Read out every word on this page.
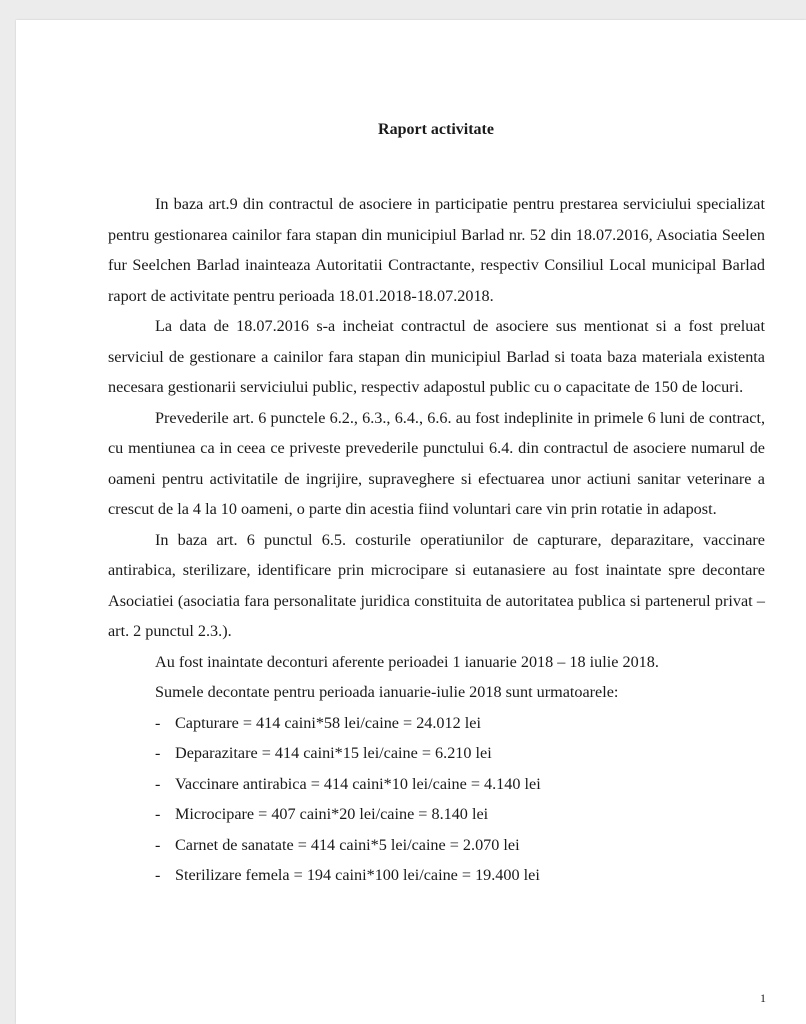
Raport activitate

In baza art.9 din contractul de asociere in participatie pentru prestarea serviciului specializat pentru gestionarea cainilor fara stapan din municipiul Barlad nr. 52 din 18.07.2016, Asociatia Seelen fur Seelchen Barlad inainteaza Autoritatii Contractante, respectiv Consiliul Local municipal Barlad raport de activitate pentru perioada 18.01.2018-18.07.2018.

La data de 18.07.2016 s-a incheiat contractul de asociere sus mentionat si a fost preluat serviciul de gestionare a cainilor fara stapan din municipiul Barlad si toata baza materiala existenta necesara gestionarii serviciului public, respectiv adapostul public cu o capacitate de 150 de locuri.

Prevederile art. 6 punctele 6.2., 6.3., 6.4., 6.6. au fost indeplinite in primele 6 luni de contract, cu mentiunea ca in ceea ce priveste prevederile punctului 6.4. din contractul de asociere numarul de oameni pentru activitatile de ingrijire, supraveghere si efectuarea unor actiuni sanitar veterinare a crescut de la 4 la 10 oameni, o parte din acestia fiind voluntari care vin prin rotatie in adapost.

In baza art. 6 punctul 6.5. costurile operatiunilor de capturare, deparazitare, vaccinare antirabica, sterilizare, identificare prin microcipare si eutanasiere au fost inaintate spre decontare Asociatiei (asociatia fara personalitate juridica constituita de autoritatea publica si partenerul privat – art. 2 punctul 2.3.).

Au fost inaintate deconturi aferente perioadei 1 ianuarie 2018 – 18 iulie 2018.

Sumele decontate pentru perioada ianuarie-iulie 2018 sunt urmatoarele:

- Capturare = 414 caini*58 lei/caine = 24.012 lei
- Deparazitare = 414 caini*15 lei/caine = 6.210 lei
- Vaccinare antirabica = 414 caini*10 lei/caine = 4.140 lei
- Microcipare = 407 caini*20 lei/caine = 8.140 lei
- Carnet de sanatate = 414 caini*5 lei/caine = 2.070 lei
- Sterilizare femela = 194 caini*100 lei/caine = 19.400 lei
1
